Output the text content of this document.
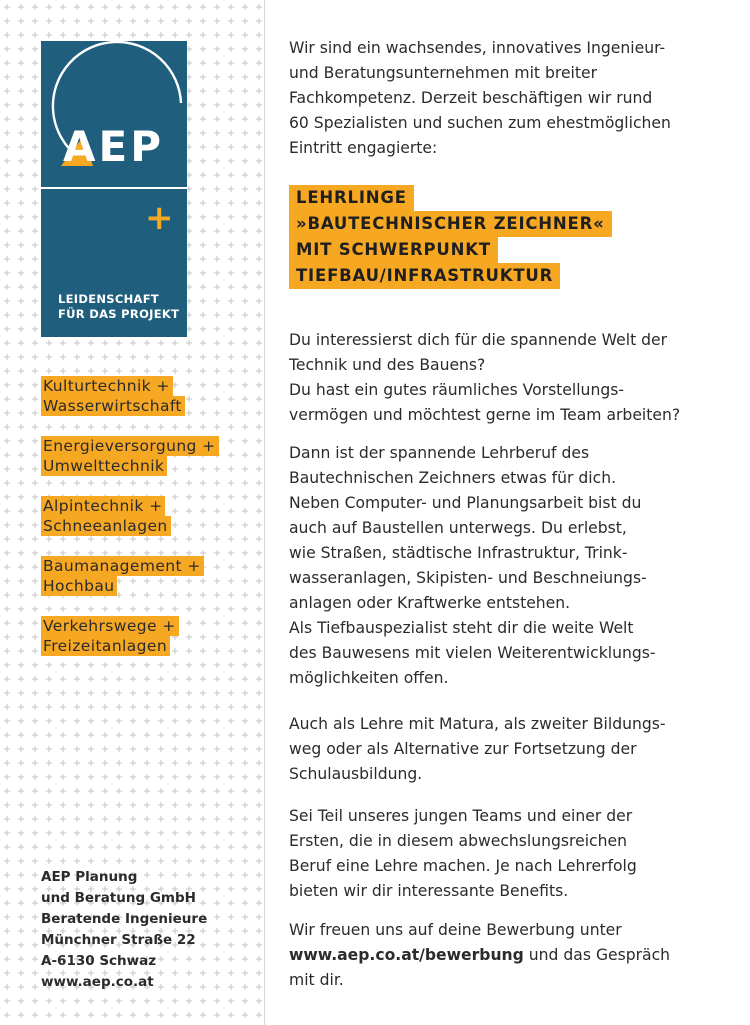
AEP
+
LEIDENSCHAFT
FÜR DAS PROJEKT
Kulturtechnik +
Wasserwirtschaft
Energieversorgung +
Umwelttechnik
Alpintechnik +
Schneeanlagen
Baumanagement +
Hochbau
Verkehrswege +
Freizeitanlagen
AEP Planung
und Beratung GmbH
Beratende Ingenieure
Münchner Straße 22
A-6130 Schwaz
www.aep.co.at
Wir sind ein wachsendes, innovatives Ingenieur-
und Beratungsunternehmen mit breiter
Fachkompetenz. Derzeit beschäftigen wir rund
60 Spezialisten und suchen zum ehestmöglichen
Eintritt engagierte:
LEHRLINGE
»BAUTECHNISCHER ZEICHNER«
MIT SCHWERPUNKT
TIEFBAU/INFRASTRUKTUR
Du interessierst dich für die spannende Welt der
Technik und des Bauens?
Du hast ein gutes räumliches Vorstellungs-
vermögen und möchtest gerne im Team arbeiten?
Dann ist der spannende Lehrberuf des
Bautechnischen Zeichners etwas für dich.
Neben Computer- und Planungsarbeit bist du
auch auf Baustellen unterwegs. Du erlebst,
wie Straßen, städtische Infrastruktur, Trink-
wasseranlagen, Skipisten- und Beschneiungs-
anlagen oder Kraftwerke entstehen.
Als Tiefbauspezialist steht dir die weite Welt
des Bauwesens mit vielen Weiterentwicklungs-
möglichkeiten offen.
Auch als Lehre mit Matura, als zweiter Bildungs-
weg oder als Alternative zur Fortsetzung der
Schulausbildung.
Sei Teil unseres jungen Teams und einer der
Ersten, die in diesem abwechslungsreichen
Beruf eine Lehre machen. Je nach Lehrerfolg
bieten wir dir interessante Benefits.
Wir freuen uns auf deine Bewerbung unter
www.aep.co.at/bewerbung und das Gespräch
mit dir.
